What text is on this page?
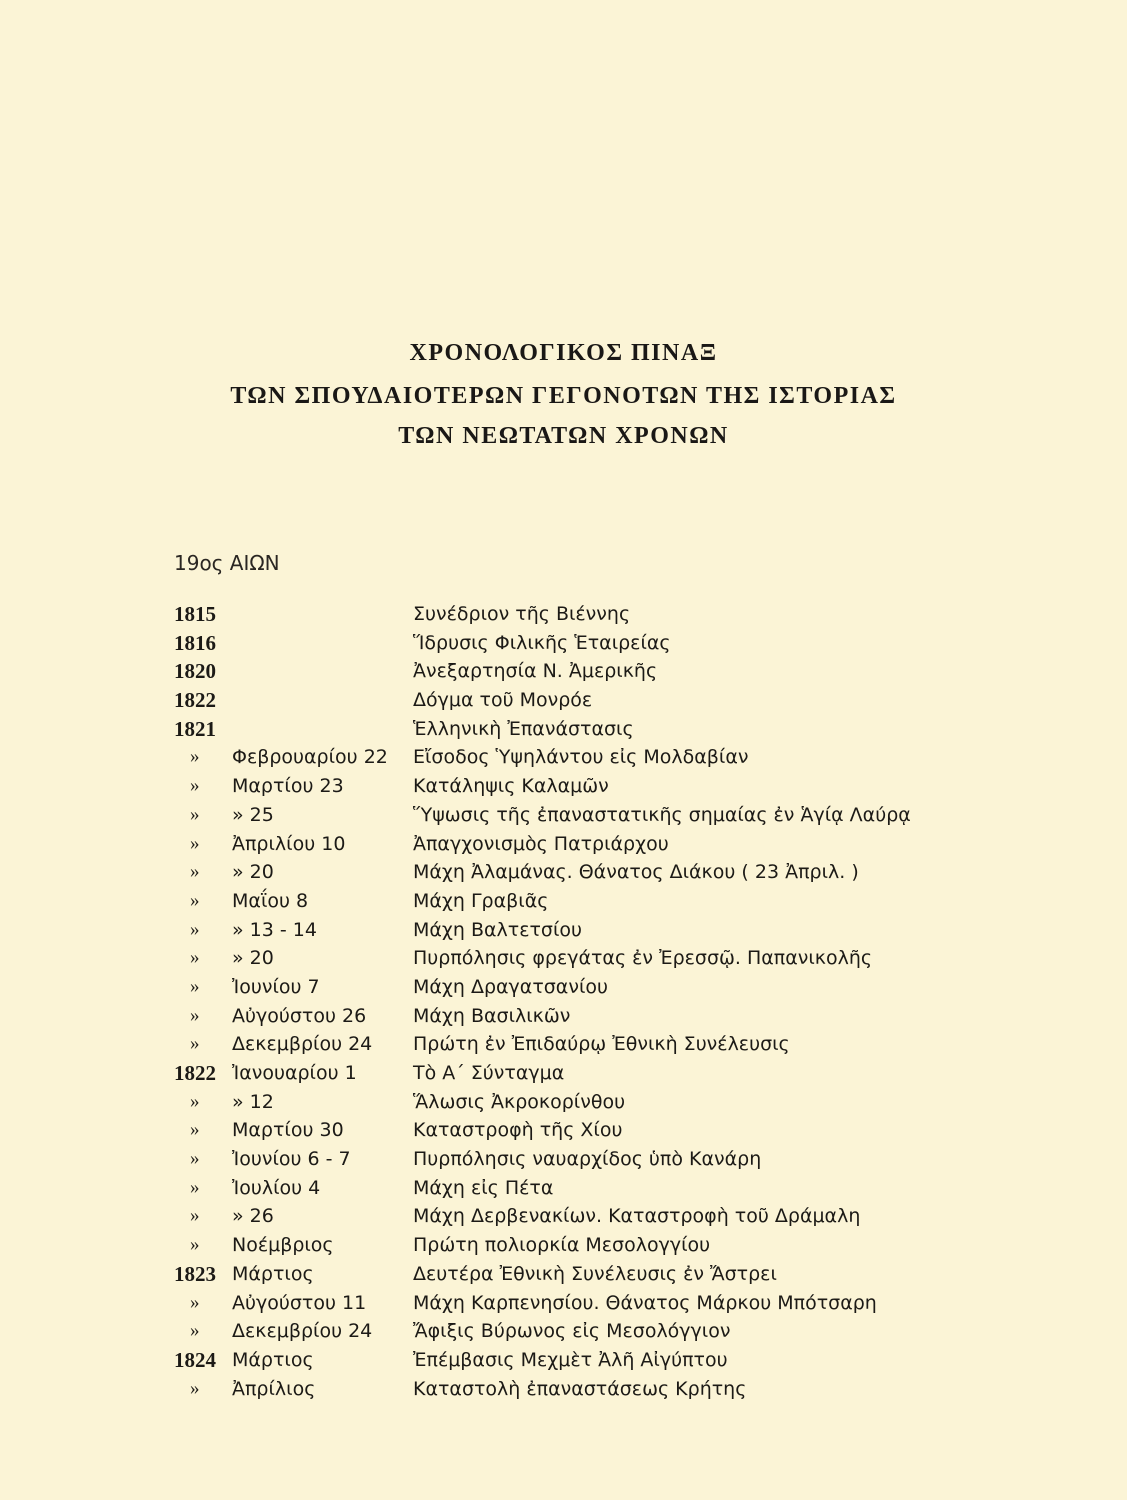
ΧΡΟΝΟΛΟΓΙΚΟΣ ΠΙΝΑΞ
ΤΩΝ ΣΠΟΥΔΑΙΟΤΕΡΩΝ ΓΕΓΟΝΟΤΩΝ ΤΗΣ ΙΣΤΟΡΙΑΣ
ΤΩΝ ΝΕΩΤΑΤΩΝ ΧΡΟΝΩΝ
19ος ΑΙΩΝ
1815	Συνέδριον τῆς Βιέννης
1816	Ἵδρυσις Φιλικῆς Ἑταιρείας
1820	Ἀνεξαρτησία Ν. Ἀμερικῆς
1822	Δόγμα τοῦ Μονρόε
1821	Ἑλληνικὴ Ἐπανάστασις
» Φεβρουαρίου 22 Εἴσοδος Ὑψηλάντου εἰς Μολδαβίαν
» Μαρτίου 23	Κατάληψις Καλαμῶν
» » 25	Ὕψωσις τῆς ἐπαναστατικῆς σημαίας ἐν Ἁγίᾳ Λαύρᾳ
» Ἀπριλίου 10	Ἀπαγχονισμὸς Πατριάρχου
» » 20	Μάχη Ἀλαμάνας. Θάνατος Διάκου ( 23 Ἀπριλ. )
» Μαΐου 8	Μάχη Γραβιᾶς
» » 13 - 14	Μάχη Βαλτετσίου
» » 20	Πυρπόλησις φρεγάτας ἐν Ἐρεσσῷ. Παπανικολῆς
» Ἰουνίου 7	Μάχη Δραγατσανίου
» Αὐγούστου 26 Μάχη Βασιλικῶν
» Δεκεμβρίου 24 Πρώτη ἐν Ἐπιδαύρῳ Ἐθνικὴ Συνέλευσις
1822 Ἰανουαρίου 1	Τὸ Α΄ Σύνταγμα
» » 12	Ἅλωσις Ἀκροκορίνθου
» Μαρτίου 30	Καταστροφὴ τῆς Χίου
» Ἰουνίου 6 - 7	Πυρπόλησις ναυαρχίδος ὑπὸ Κανάρη
» Ἰουλίου 4	Μάχη εἰς Πέτα
» » 26	Μάχη Δερβενακίων. Καταστροφὴ τοῦ Δράμαλη
» Νοέμβριος	Πρώτη πολιορκία Μεσολογγίου
1823 Μάρτιος	Δευτέρα Ἐθνικὴ Συνέλευσις ἐν Ἄστρει
» Αὐγούστου 11 Μάχη Καρπενησίου. Θάνατος Μάρκου Μπότσαρη
» Δεκεμβρίου 24 Ἄφιξις Βύρωνος εἰς Μεσολόγγιον
1824 Μάρτιος	Ἐπέμβασις Μεχμὲτ Ἀλῆ Αἰγύπτου
» Ἀπρίλιος	Καταστολὴ ἐπαναστάσεως Κρήτης
